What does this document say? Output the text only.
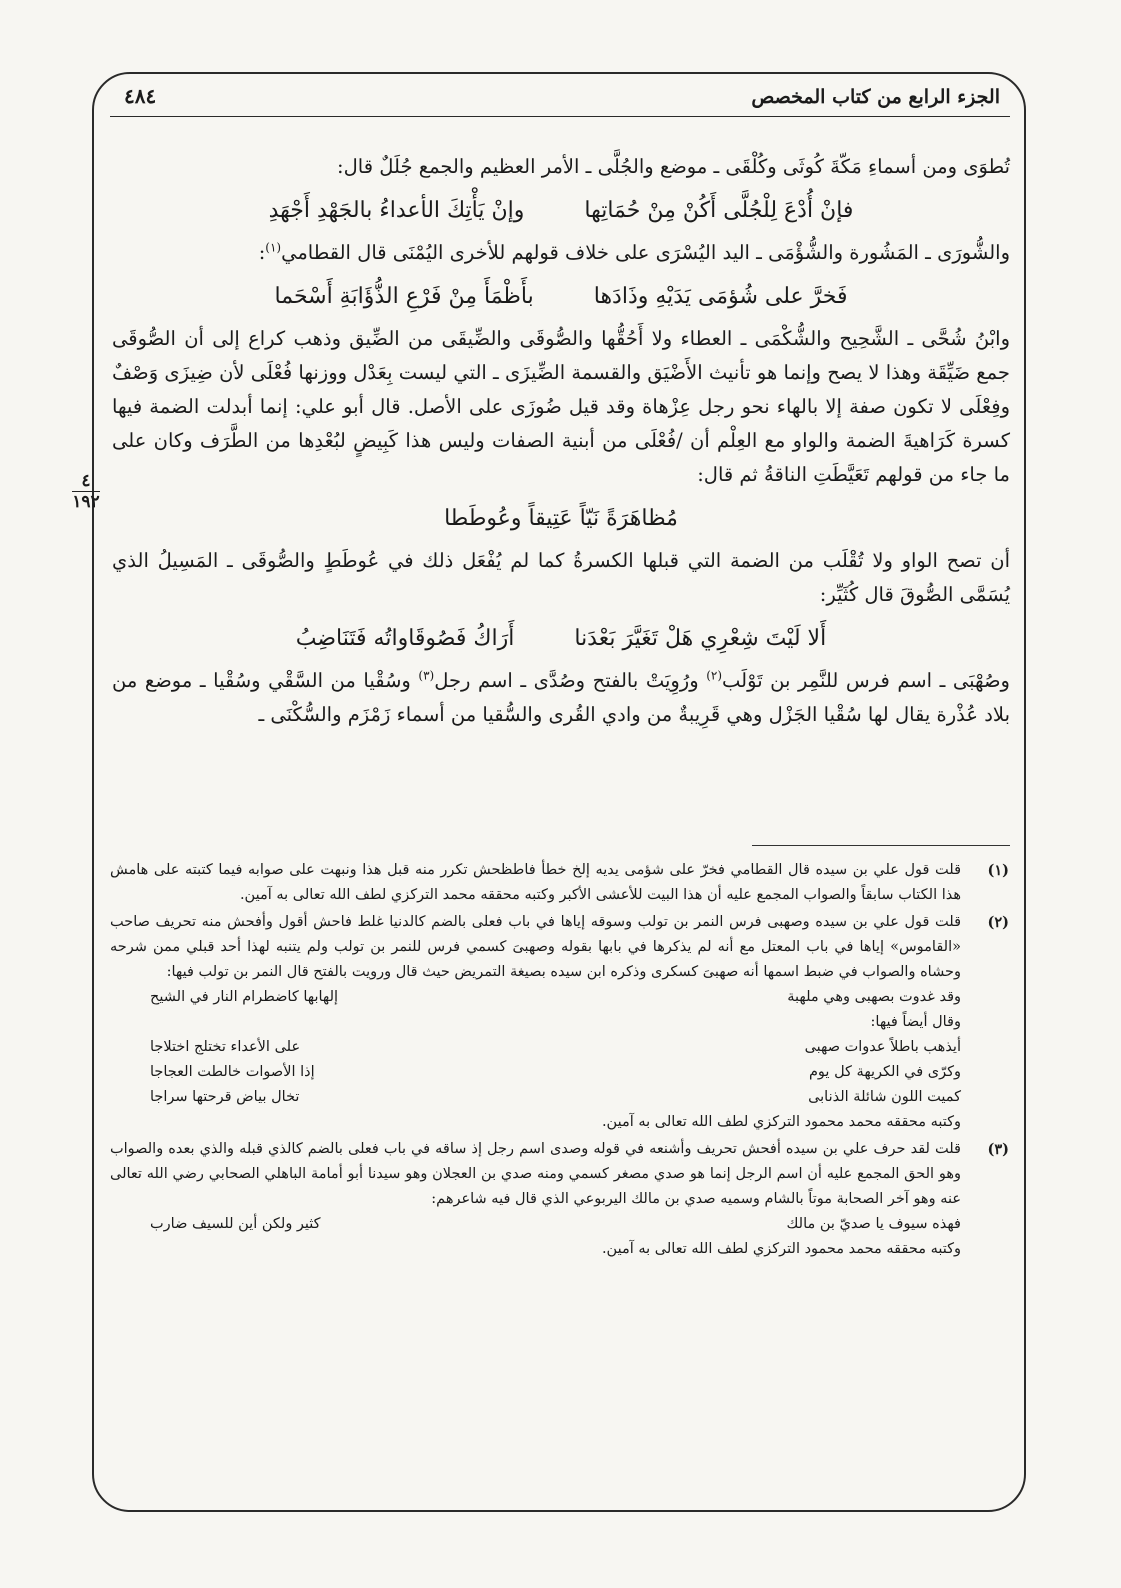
الجزء الرابع من كتاب المخصص
٤٨٤
٤
١٩٢

تُطوَى ومن أسماءِ مَكّةَ كُوثَى وكُلْقَى ـ موضع والجُلَّى ـ الأمر العظيم والجمع جُلَلٌ قال:

فإنْ أُدْعَ لِلْجُلَّى أَكُنْ مِنْ حُمَاتِها
وإنْ يَأْتِكَ الأعداءُ بالجَهْدِ أَجْهَدِ

والشُّورَى ـ المَشُورة والشُّؤْمَى ـ اليد اليُسْرَى على خلاف قولهم للأخرى اليُمْنَى قال القطامي$^{(١)}$:

فَخرَّ على شُؤمَى يَدَيْهِ وذَادَها
بأَظْمَأَ مِنْ فَرْعِ الذُّؤَابَةِ أَسْحَما

وابْنُ شُحَّى ـ الشَّحِيح والشُّكْمَى ـ العطاء ولا أَحُقُّها والصُّوقَى والضِّيقَى من الضِّيق وذهب كراع إلى أن الصُّوقَى جمع ضَيِّقَة وهذا لا يصح وإنما هو تأنيث الأَضْيَق والقسمة الضِّيزَى ـ التي ليست بِعَدْل ووزنها فُعْلَى لأن ضِيزَى وَصْفٌ وفِعْلَى لا تكون صفة إلا بالهاء نحو رجل عِزْهاة وقد قيل ضُوزَى على الأصل. قال أبو علي: إنما أبدلت الضمة فيها كسرة كَرَاهيةَ الضمة والواو مع العِلْم أن /فُعْلَى من أبنية الصفات وليس هذا كَبِيضٍ لبُعْدِها من الطَّرَف وكان على ما جاء من قولهم تَعَيَّطَتِ الناقةُ ثم قال:

مُظاهَرَةً نَيّاً عَتِيقاً وعُوطَطا

أن تصح الواو ولا تُقْلَب من الضمة التي قبلها الكسرةُ كما لم يُفْعَل ذلك في عُوطَطٍ والصُّوقَى ـ المَسِيلُ الذي يُسَمَّى الصُّوقَ قال كُثَيِّر:

أَلا لَيْتَ شِعْرِي هَلْ تَغَيَّرَ بَعْدَنا
أَرَاكُ فَصُوقَاواتُه فَتَنَاضِبُ

وصُهْبَى ـ اسم فرس للنَّمِر بن تَوْلَب$^{(٢)}$ ورُوِيَتْ بالفتح وصُدَّى ـ اسم رجل$^{(٣)}$ وسُقْيا من السَّقْي وسُقْيا ـ موضع من بلاد عُذْرة يقال لها سُقْيا الجَزْل وهي قَرِيبةٌ من وادي القُرى والسُّقيا من أسماء زَمْزَم والسُّكْنَى ـ

(١)
قلت قول علي بن سيده قال القطامي فخرّ على شؤمى يديه إلخ خطأ فاطظحش تكرر منه قبل هذا ونبهت على صوابه فيما كتبته على هامش هذا الكتاب سابقاً والصواب المجمع عليه أن هذا البيت للأعشى الأكبر وكتبه محققه محمد التركزي لطف الله تعالى به آمين.
(٢)
قلت قول علي بن سيده وصهبى فرس النمر بن تولب وسوقه إياها في باب فعلى بالضم كالدنيا غلط فاحش أقول وأفحش منه تحريف صاحب «القاموس» إياها في باب المعتل مع أنه لم يذكرها في بابها بقوله وصهبىَ كسمي فرس للنمر بن تولب ولم يتنبه لهذا أحد قبلي ممن شرحه وحشاه والصواب في ضبط اسمها أنه صهبىَ كسكرى وذكره ابن سيده بصيغة التمريض حيث قال ورويت بالفتح قال النمر بن تولب فيها:
وقد غدوت بصهبى وهي ملهبة
إلهابها كاضطرام النار في الشيح
وقال أيضاً فيها:
أيذهب باطلاً عدوات صهبى
على الأعداء تختلج اختلاجا
وكرّى في الكريهة كل يوم
إذا الأصوات خالطت العجاجا
كميت اللون شائلة الذنابى
تخال بياض قرحتها سراجا
وكتبه محققه محمد محمود التركزي لطف الله تعالى به آمين.
(٣)
قلت لقد حرف علي بن سيده أفحش تحريف وأشنعه في قوله وصدى اسم رجل إذ ساقه في باب فعلى بالضم كالذي قبله والذي بعده والصواب وهو الحق المجمع عليه أن اسم الرجل إنما هو صدي مصغر كسمي ومنه صدي بن العجلان وهو سيدنا أبو أمامة الباهلي الصحابي رضي الله تعالى عنه وهو آخر الصحابة موتاً بالشام وسميه صدي بن مالك اليربوعي الذي قال فيه شاعرهم:
فهذه سيوف يا صديّ بن مالك
كثير ولكن أين للسيف ضارب
وكتبه محققه محمد محمود التركزي لطف الله تعالى به آمين.
